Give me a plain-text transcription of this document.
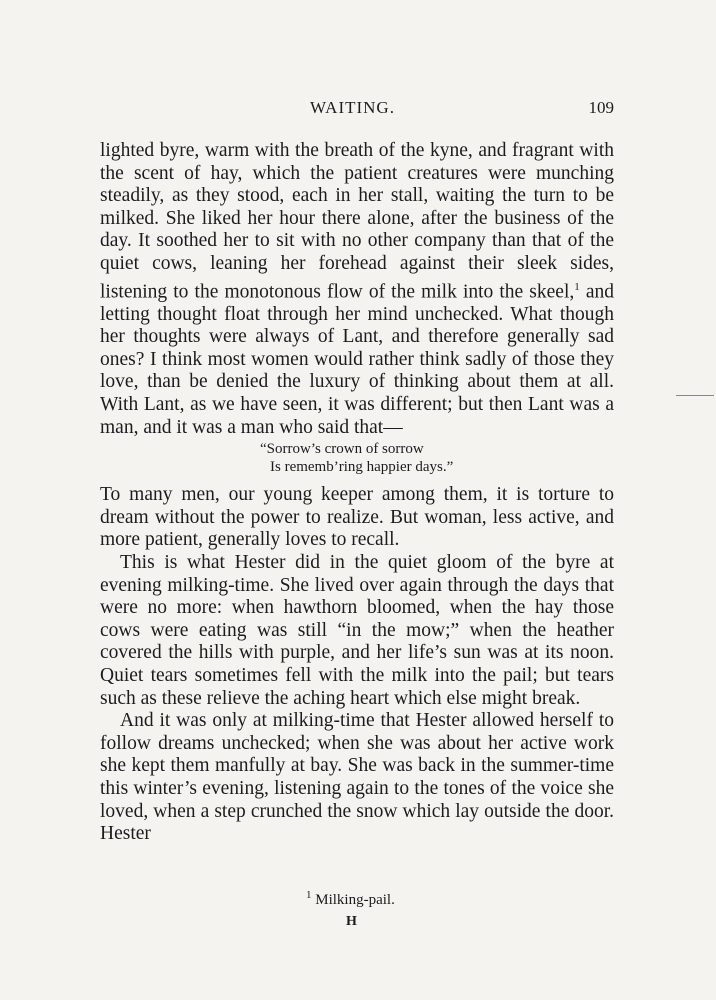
WAITING.	109

lighted byre, warm with the breath of the kyne, and fragrant with the scent of hay, which the patient creatures were munching steadily, as they stood, each in her stall, waiting the turn to be milked. She liked her hour there alone, after the business of the day. It soothed her to sit with no other company than that of the quiet cows, leaning her forehead against their sleek sides, listening to the monotonous flow of the milk into the skeel,$^1$ and letting thought float through her mind unchecked. What though her thoughts were always of Lant, and therefore generally sad ones? I think most women would rather think sadly of those they love, than be denied the luxury of thinking about them at all. With Lant, as we have seen, it was different; but then Lant was a man, and it was a man who said that—

“Sorrow’s crown of sorrow
Is rememb’ring happier days.”

To many men, our young keeper among them, it is torture to dream without the power to realize. But woman, less active, and more patient, generally loves to recall.

This is what Hester did in the quiet gloom of the byre at evening milking-time. She lived over again through the days that were no more: when hawthorn bloomed, when the hay those cows were eating was still “in the mow;” when the heather covered the hills with purple, and her life’s sun was at its noon. Quiet tears sometimes fell with the milk into the pail; but tears such as these relieve the aching heart which else might break.

And it was only at milking-time that Hester allowed herself to follow dreams unchecked; when she was about her active work she kept them manfully at bay. She was back in the summer-time this winter’s evening, listening again to the tones of the voice she loved, when a step crunched the snow which lay outside the door. Hester

$^1$ Milking-pail.
H
